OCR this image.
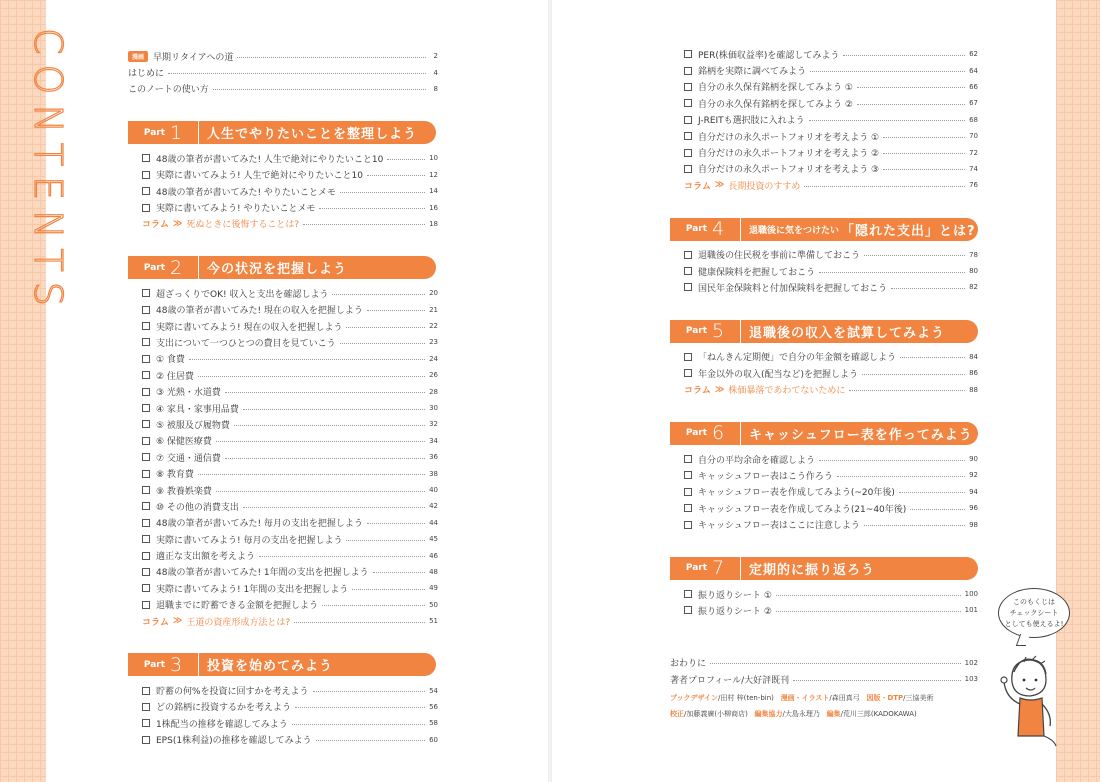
CONTENTS	漫画	早期リタイアへの道	2
はじめに	4
このノートの使い方	8
Part 1 人生でやりたいことを整理しよう
48歳の筆者が書いてみた! 人生で絶対にやりたいこと10	10
実際に書いてみよう! 人生で絶対にやりたいこと10	12
48歳の筆者が書いてみた! やりたいことメモ	14
実際に書いてみよう! やりたいことメモ	16
コラム ≫ 死ぬときに後悔することは?	18
Part 2 今の状況を把握しよう
超ざっくりでOK! 収入と支出を確認しよう	20
48歳の筆者が書いてみた! 現在の収入を把握しよう	21
実際に書いてみよう! 現在の収入を把握しよう	22
支出について一つひとつの費目を見ていこう	23
① 食費	24
② 住居費	26
③ 光熱・水道費	28
④ 家具・家事用品費	30
⑤ 被服及び履物費	32
⑥ 保健医療費	34
⑦ 交通・通信費	36
⑧ 教育費	38
⑨ 教養娯楽費	40
⑩ その他の消費支出	42
48歳の筆者が書いてみた! 毎月の支出を把握しよう	44
実際に書いてみよう! 毎月の支出を把握しよう	45
適正な支出額を考えよう	46
48歳の筆者が書いてみた! 1年間の支出を把握しよう	48
実際に書いてみよう! 1年間の支出を把握しよう	49
退職までに貯蓄できる金額を把握しよう	50
コラム ≫ 王道の資産形成方法とは?	51
Part 3 投資を始めてみよう
貯蓄の何%を投資に回すかを考えよう	54
どの銘柄に投資するかを考えよう	56
1株配当の推移を確認してみよう	58
EPS(1株利益)の推移を確認してみよう	60
PER(株価収益率)を確認してみよう	62
銘柄を実際に調べてみよう	64
自分の永久保有銘柄を探してみよう ①	66
自分の永久保有銘柄を探してみよう ②	67
J-REITも選択肢に入れよう	68
自分だけの永久ポートフォリオを考えよう ①	70
自分だけの永久ポートフォリオを考えよう ②	72
自分だけの永久ポートフォリオを考えよう ③	74
コラム ≫ 長期投資のすすめ	76
Part 4	退職後に気をつけたい 「隠れた支出」とは?
退職後の住民税を事前に準備しておこう	78
健康保険料を把握しておこう	80
国民年金保険料と付加保険料を把握しておこう	82
Part 5 退職後の収入を試算してみよう
「ねんきん定期便」で自分の年金額を確認しよう	84
年金以外の収入(配当など)を把握しよう	86
コラム ≫ 株価暴落であわてないために	88
Part 6 キャッシュフロー表を作ってみよう
自分の平均余命を確認しよう	90
キャッシュフロー表はこう作ろう	92
キャッシュフロー表を作成してみよう(~20年後)	94
キャッシュフロー表を作成してみよう(21~40年後)	96
キャッシュフロー表はここに注意しよう	98
Part 7 定期的に振り返ろう
振り返りシート ①	100
振り返りシート ②	101
おわりに	102
著者プロフィール/大好評既刊	103
ブックデザイン/田村 梓(ten-bin) 漫画・イラスト/森田真弓 図版・DTP/三協美術
校正/加藤義廣(小柳商店) 編集協力/大島永理乃 編集/荒川三郎(KADOKAWA)
このもくじは
チェックシート
としても使えるよ!
